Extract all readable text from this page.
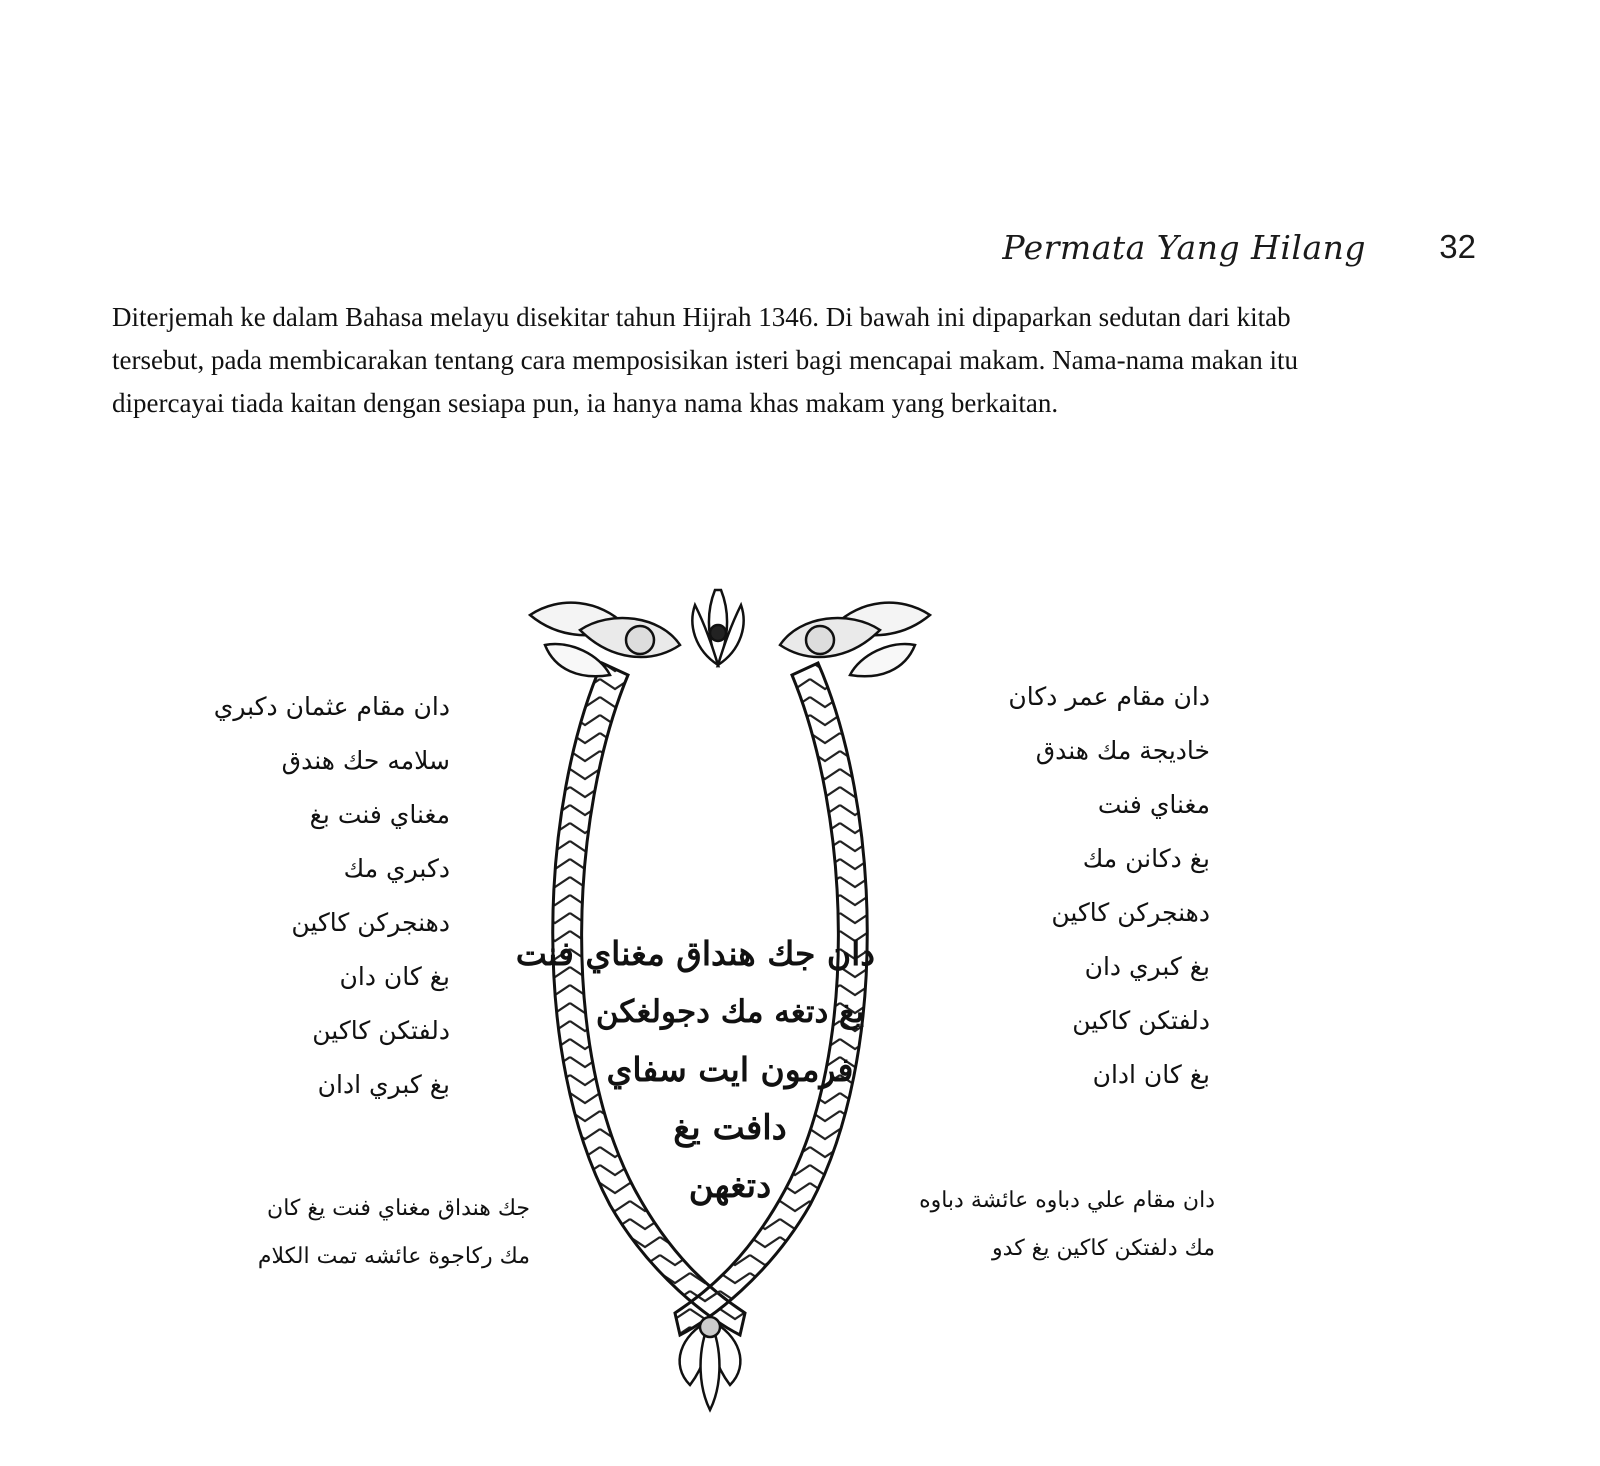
Permata Yang Hilang 32

Diterjemah ke dalam Bahasa melayu disekitar tahun Hijrah 1346. Di bawah ini dipaparkan sedutan dari kitab tersebut, pada membicarakan tentang cara memposisikan isteri bagi mencapai makam. Nama-nama makan itu dipercayai tiada kaitan dengan sesiapa pun, ia hanya nama khas makam yang berkaitan.

دان مقام عثمان دكبري
سلامه حك هندق
مغناي فنت بغ
دكبري مك
دهنجركن كاكين
بغ كان دان
دلفتكن كاكين
بغ كبري ادان
دان مقام عمر دكان
خاديجة مك هندق
مغناي فنت
بغ دكانن مك
دهنجركن كاكين
بغ كبري دان
دلفتكن كاكين
بغ كان ادان
دان جك هنداق مغناي فنت
يغ دتغه مك دجولغكن
فرمون ايت سفاي
دافت يغ
دتغهن
جك هنداق مغناي فنت يغ كان
مك ركاجوة عائشه تمت الكلام
دان مقام علي دباوه عائشة دباوه
مك دلفتكن كاكين يغ كدو
